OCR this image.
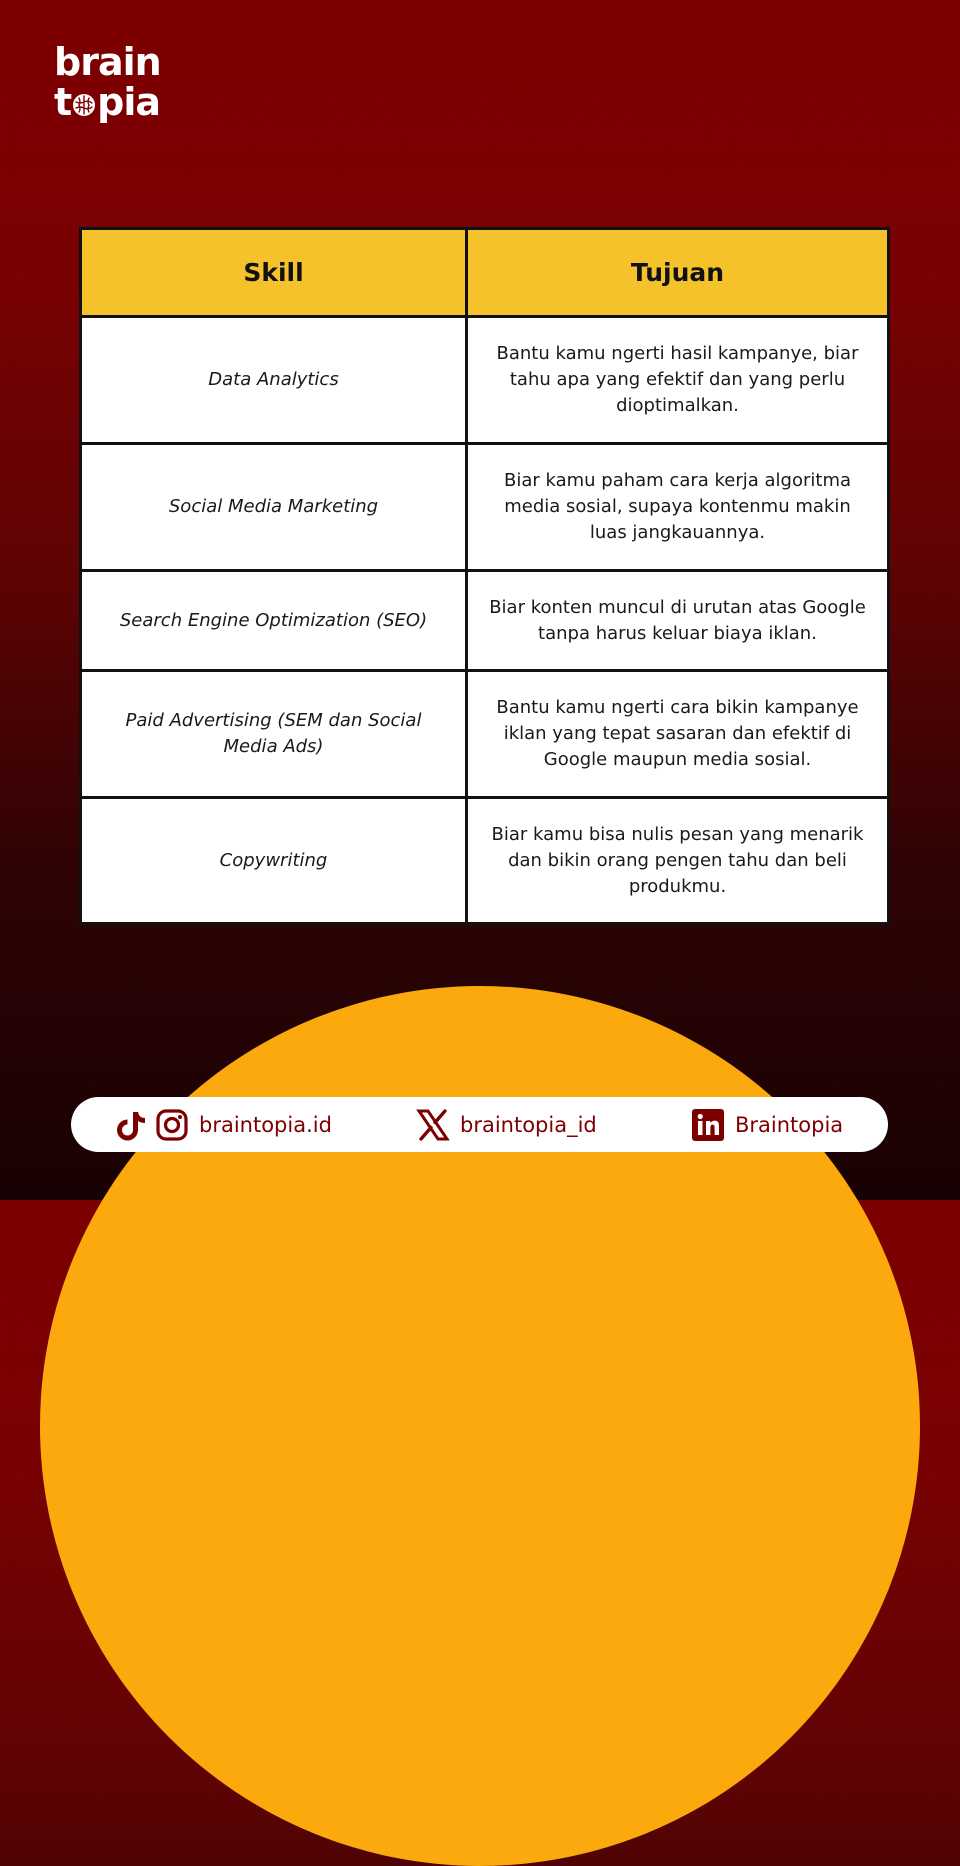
brain
t pia
Skill	Tujuan
Data Analytics	Bantu kamu ngerti hasil kampanye, biar tahu apa yang efektif dan yang perlu dioptimalkan.
Social Media Marketing	Biar kamu paham cara kerja algoritma media sosial, supaya kontenmu makin luas jangkauannya.
Search Engine Optimization (SEO)	Biar konten muncul di urutan atas Google tanpa harus keluar biaya iklan.
Paid Advertising (SEM dan Social Media Ads)	Bantu kamu ngerti cara bikin kampanye iklan yang tepat sasaran dan efektif di Google maupun media sosial.
Copywriting	Biar kamu bisa nulis pesan yang menarik dan bikin orang pengen tahu dan beli produkmu.
braintopia.id	braintopia_id	Braintopia
